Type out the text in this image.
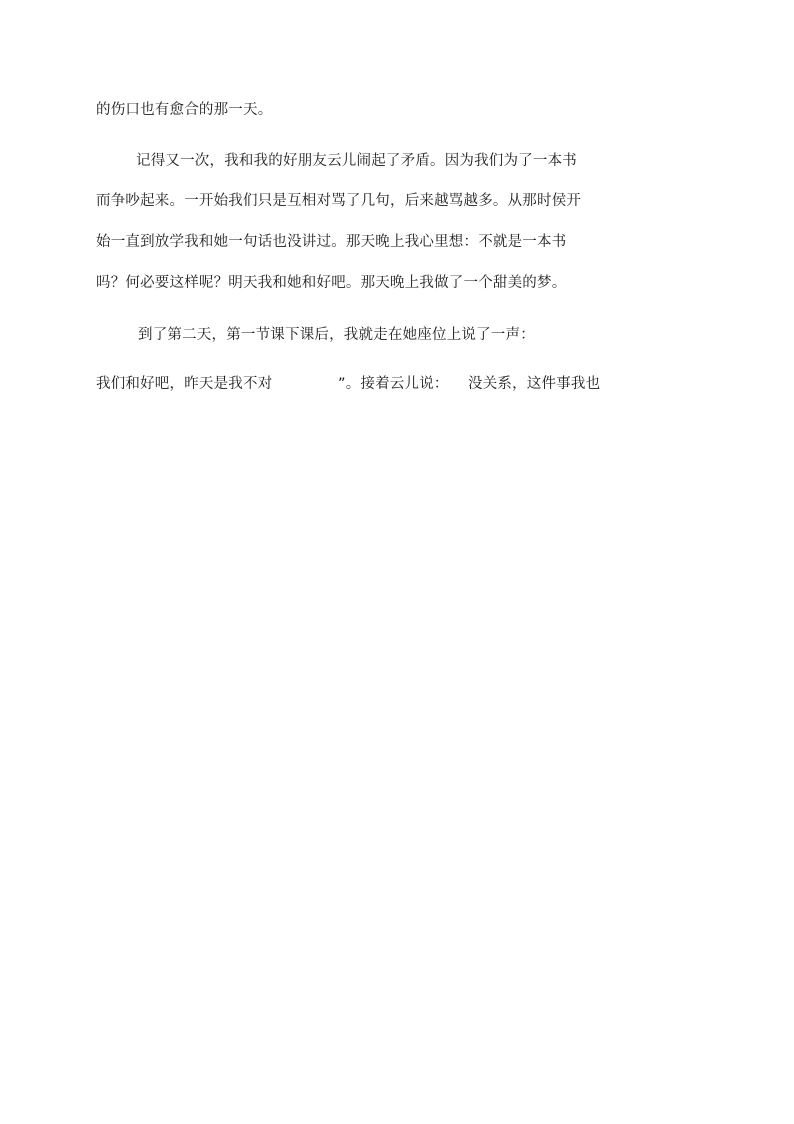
的伤口也有愈合的那一天。
记得又一次，我和我的好朋友云儿闹起了矛盾。因为我们为了一本书
而争吵起来。一开始我们只是互相对骂了几句，后来越骂越多。从那时侯开
始一直到放学我和她一句话也没讲过。那天晚上我心里想：不就是一本书
吗？何必要这样呢？明天我和她和好吧。那天晚上我做了一个甜美的梦。
到了第二天，第一节课下课后，我就走在她座位上说了一声：
我们和好吧，昨天是我不对	”。接着云儿说： 没关系，这件事我也
